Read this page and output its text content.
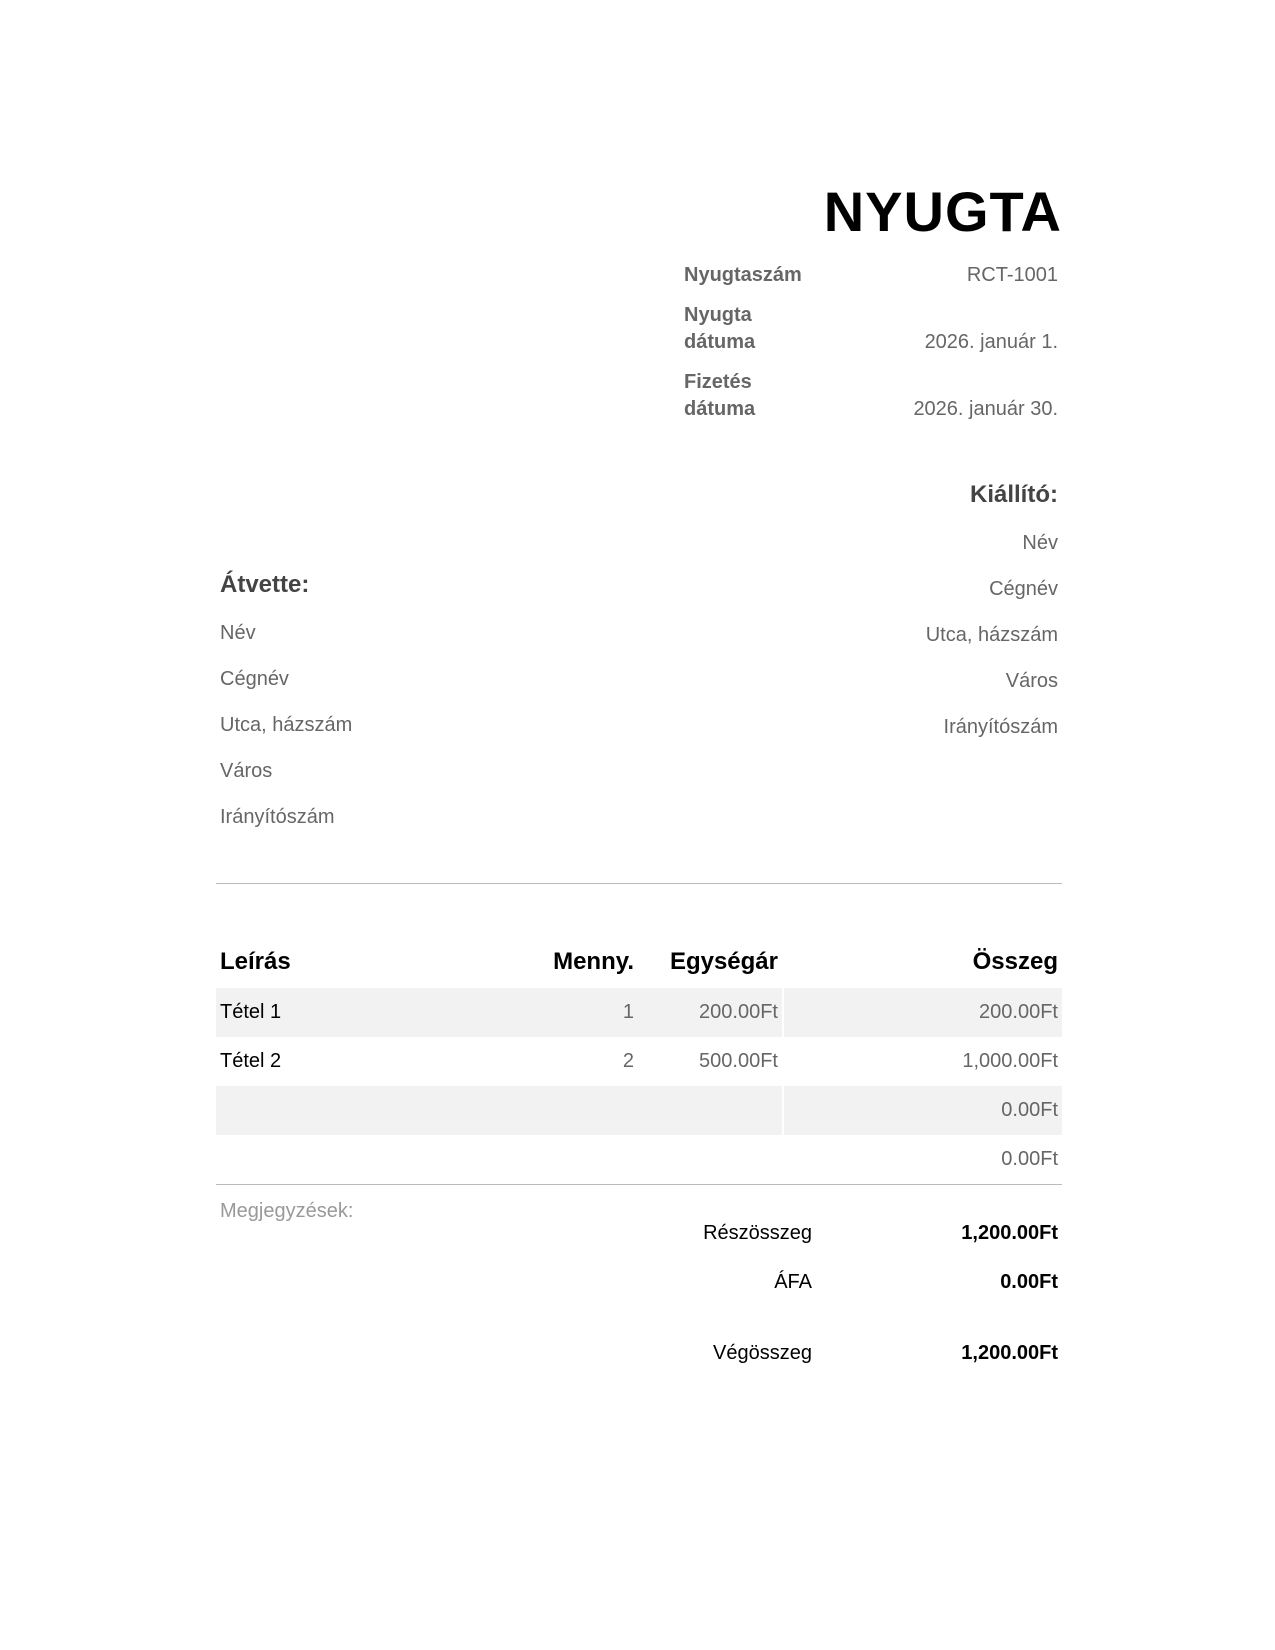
NYUGTA
Nyugtaszám	RCT-1001
Nyugta dátuma	2026. január 1.
Fizetés dátuma	2026. január 30.
Kiállító:
Név
Cégnév
Utca, házszám
Város
Irányítószám
Átvette:
Név
Cégnév
Utca, házszám
Város
Irányítószám
Leírás	Menny.	Egységár	Összeg
Tétel 1	1	200.00Ft	200.00Ft
Tétel 2	2	500.00Ft	1,000.00Ft
			0.00Ft
			0.00Ft
Megjegyzések:
Részösszeg	1,200.00Ft
ÁFA	0.00Ft
Végösszeg	1,200.00Ft
